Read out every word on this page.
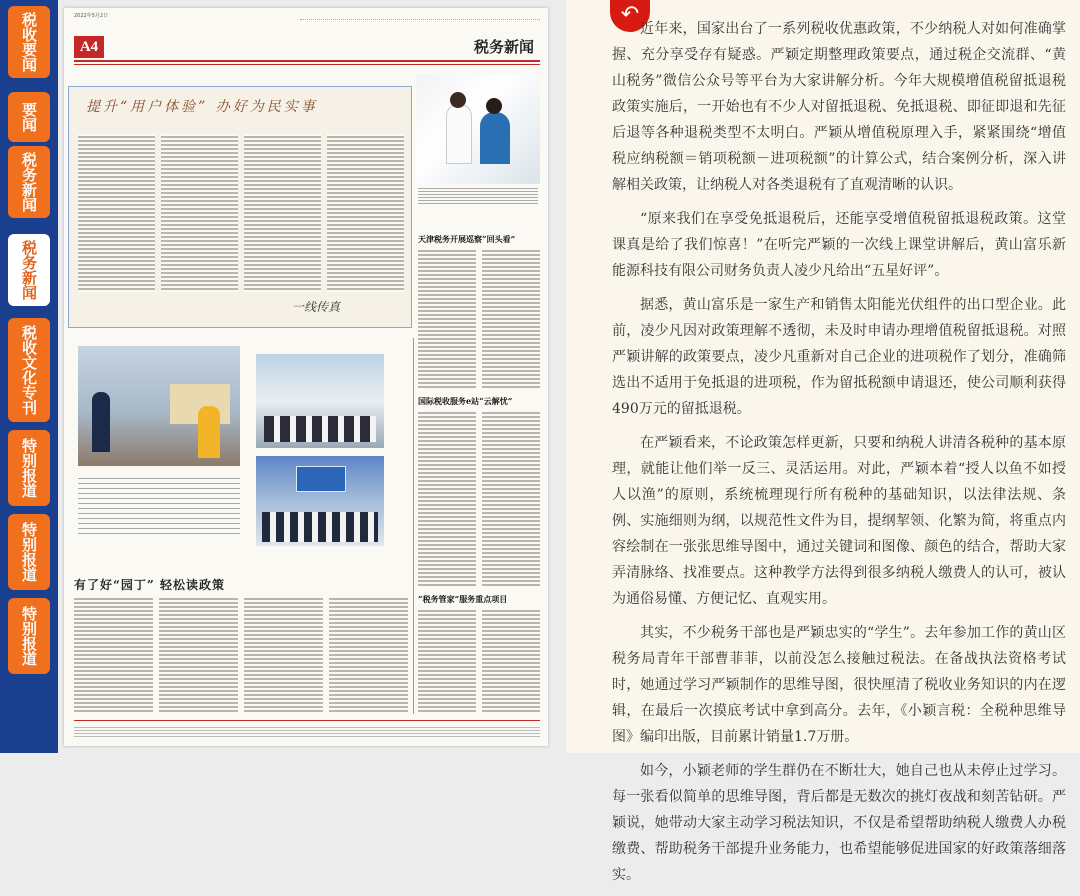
税收要闻
要闻
税务新闻
税务新闻
税收文化专刊
特别报道
特别报道
特别报道
2022年5月2日
A4	税务新闻
提升“用户体验” 办好为民实事
一线传真
天津税务开展巡察“回头看”
国际税收服务e站“云解忧”
“税务管家”服务重点项目
有了好“园丁” 轻松读政策
↶

近年来，国家出台了一系列税收优惠政策，不少纳税人对如何准确掌握、充分享受存有疑惑。严颖定期整理政策要点，通过税企交流群、“黄山税务”微信公众号等平台为大家讲解分析。今年大规模增值税留抵退税政策实施后，一开始也有不少人对留抵退税、免抵退税、即征即退和先征后退等各种退税类型不太明白。严颖从增值税原理入手，紧紧围绕“增值税应纳税额＝销项税额－进项税额”的计算公式，结合案例分析，深入讲解相关政策，让纳税人对各类退税有了直观清晰的认识。

“原来我们在享受免抵退税后，还能享受增值税留抵退税政策。这堂课真是给了我们惊喜！”在听完严颖的一次线上课堂讲解后，黄山富乐新能源科技有限公司财务负责人凌少凡给出“五星好评”。

据悉，黄山富乐是一家生产和销售太阳能光伏组件的出口型企业。此前，凌少凡因对政策理解不透彻，未及时申请办理增值税留抵退税。对照严颖讲解的政策要点，凌少凡重新对自己企业的进项税作了划分，准确筛选出不适用于免抵退的进项税，作为留抵税额申请退还，使公司顺利获得490万元的留抵退税。

在严颖看来，不论政策怎样更新，只要和纳税人讲清各税种的基本原理，就能让他们举一反三、灵活运用。对此，严颖本着“授人以鱼不如授人以渔”的原则，系统梳理现行所有税种的基础知识，以法律法规、条例、实施细则为纲，以规范性文件为目，提纲挈领、化繁为简，将重点内容绘制在一张张思维导图中，通过关键词和图像、颜色的结合，帮助大家弄清脉络、找准要点。这种教学方法得到很多纳税人缴费人的认可，被认为通俗易懂、方便记忆、直观实用。

其实，不少税务干部也是严颖忠实的“学生”。去年参加工作的黄山区税务局青年干部曹菲菲，以前没怎么接触过税法。在备战执法资格考试时，她通过学习严颖制作的思维导图，很快厘清了税收业务知识的内在逻辑，在最后一次摸底考试中拿到高分。去年，《小颖言税：全税种思维导图》编印出版，目前累计销量1.7万册。

如今，小颖老师的学生群仍在不断壮大，她自己也从未停止过学习。每一张看似简单的思维导图，背后都是无数次的挑灯夜战和刻苦钻研。严颖说，她带动大家主动学习税法知识，不仅是希望帮助纳税人缴费人办税缴费、帮助税务干部提升业务能力，也希望能够促进国家的好政策落细落实。
